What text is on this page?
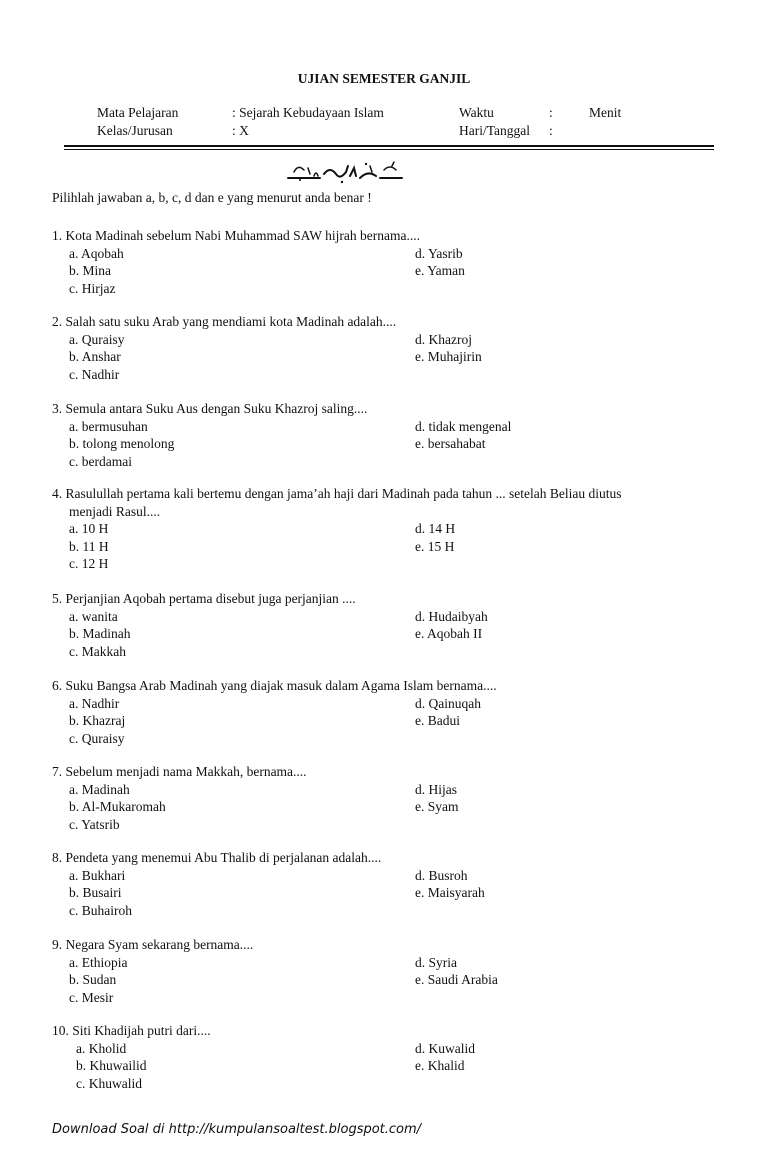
UJIAN SEMESTER GANJIL
Mata Pelajaran	: Sejarah Kebudayaan Islam	Waktu	:	Menit
Kelas/Jurusan	: X	Hari/Tanggal :
Pilihlah jawaban a, b, c, d dan e yang menurut anda benar !
1. Kota Madinah sebelum Nabi Muhammad SAW hijrah bernama....
a. Aqobah
b. Mina
c. Hirjaz
d. Yasrib
e. Yaman
2. Salah satu suku Arab yang mendiami kota Madinah adalah....
a. Quraisy
b. Anshar
c. Nadhir
d. Khazroj
e. Muhajirin
3. Semula antara Suku Aus dengan Suku Khazroj saling....
a. bermusuhan
b. tolong menolong
c. berdamai
d. tidak mengenal
e. bersahabat
4. Rasulullah pertama kali bertemu dengan jama’ah haji dari Madinah pada tahun ... setelah Beliau diutus
menjadi Rasul....
a. 10 H
b. 11 H
c. 12 H
d. 14 H
e. 15 H
5. Perjanjian Aqobah pertama disebut juga perjanjian ....
a. wanita
b. Madinah
c. Makkah
d. Hudaibyah
e. Aqobah II
6. Suku Bangsa Arab Madinah yang diajak masuk dalam Agama Islam bernama....
a. Nadhir
b. Khazraj
c. Quraisy
d. Qainuqah
e. Badui
7. Sebelum menjadi nama Makkah, bernama....
a. Madinah
b. Al-Mukaromah
c. Yatsrib
d. Hijas
e. Syam
8. Pendeta yang menemui Abu Thalib di perjalanan adalah....
a. Bukhari
b. Busairi
c. Buhairoh
d. Busroh
e. Maisyarah
9. Negara Syam sekarang bernama....
a. Ethiopia
b. Sudan
c. Mesir
d. Syria
e. Saudi Arabia
10. Siti Khadijah putri dari....
a. Kholid
b. Khuwailid
c. Khuwalid
d. Kuwalid
e. Khalid
Download Soal di http://kumpulansoaltest.blogspot.com/
